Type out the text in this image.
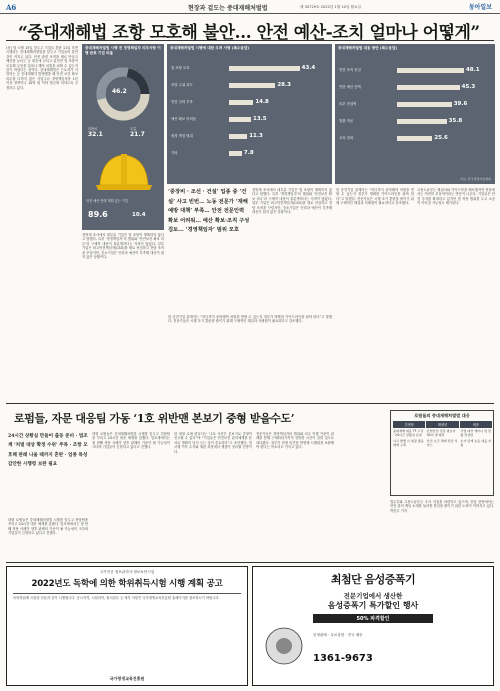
A6	현장과 겉도는 중대재해처벌법	제 30729호 2022년 1월 10일 월요일	동아일보
“중대재해법 조항 모호해 불안… 안전 예산-조치 얼마나 어떻게”
(상) 법 시행 15일 앞두고 기업들 혼란 11일 후면 시행되는 중대재해처벌법을 앞두고 기업들의 불안감이 커지고 있다. 안전 관련 조직을 새로 만들고 예산을 늘리는 등 대응에 나서고 있지만 법 조항이 모호해 무엇을 얼마나 해야 처벌을 피할 수 있는지 알기 어렵다는 것이다. 중대재해법은 근로자가 사망하는 등 중대재해가 발생했을 때 안전 보건 확보 의무를 다하지 않은 사업주나 경영책임자를 1년 이상 징역이나 10억 원 이하 벌금에 처하도록 규정하고 있다.
중대재해처벌법 시행 전 경영책임자 의무사항 이행 완료 기업 비율
46.2
미완료
32.1
모름
21.7
안전 예산 증액 계획 있는 기업
89.6	10.4
중대재해처벌법 시행에 대한 우려 사항 (복수응답)
법 조항 모호	43.4
처벌 수위 과도	28.3
안전 인력 부족	14.8
예산 확보 어려움	13.5
원청 책임 범위	11.3
기타	7.8
중대재해처벌법 대응 방안 (복수응답)
안전 조직 신설	48.1
안전 예산 증액	45.3
외부 컨설팅	39.6
법률 자문	35.8
교육 강화	25.6
자료: 한국경영자총협회
‘중장비 · 조선 · 건설’ 업종 중 ‘건설’ 사고 빈번... 노동 전문가 ‘재해 예방 대책’ 부족... 안전 전문인력 확보 어려워... 예산 확보·조직 구성 검토... ‘경영책임자’ 범위 모호
경영계 조사에서 대부분 기업은 법 조항이 명확하지 않다고 답했다. 특히 ‘경영책임자’의 범위와 ‘안전보건 확보 의무’의 구체적 내용이 불분명하다는 지적이 많았다. 일부 기업은 최고안전책임자(CSO)를 새로 선임하고 전담 조직을 꾸렸지만, 중소기업은 인력과 예산이 부족해 대응이 쉽지 않은 상황이다.
한 중견기업 관계자는 “어디까지 준비해야 처벌을 면할 수 있는지 정부가 명확한 가이드라인을 줘야 한다”고 말했다. 전문가들은 시행 초기 혼란을 줄이기 위해 구체적인 해설과 사례집이 필요하다고 강조했다.
고용노동부는 해설서와 가이드북을 배포했지만 현장에서는 여전히 추상적이라는 반응이 나온다. 기업들은 안전 투자를 확대하고 있지만 법 적용 범위를 두고 소송이 이어질 가능성도 제기된다.
경영계 조사에서 대부분 기업은 법 조항이 명확하지 않다고 답했다. 특히 ‘경영책임자’의 범위와 ‘안전보건 확보 의무’의 구체적 내용이 불분명하다는 지적이 많았다. 일부 기업은 최고안전책임자(CSO)를 새로 선임하고 전담 조직을 꾸렸지만, 중소기업은 인력과 예산이 부족해 대응이 쉽지 않은 상황이다.
한 중견기업 관계자는 “어디까지 준비해야 처벌을 면할 수 있는지 정부가 명확한 가이드라인을 줘야 한다”고 말했다. 전문가들은 시행 초기 혼란을 줄이기 위해 구체적인 해설과 사례집이 필요하다고 강조했다.
로펌들, 자문 대응팀 가동 ‘1호 위반맨 본보기 중형 받을수도’
24시간 상황실 만들어 출동 준비 · 법조계 ‘처벌 대상 확정 수위’ 주목 · 조항 모호해 판례 나올 때까지 혼란 · 업종 특성 감안한 시행령 보완 필요
대형 로펌들은 중대재해처벌법 시행을 앞두고 전담팀을 꾸리고 24시간 대응 체계를 갖췄다. 법조계에서는 첫 번째 적용 사례가 향후 판례의 기준이 될 가능성이 크다며 기업들이 긴장하고 있다고 전했다.
대형 로펌들은 중대재해처벌법 시행을 앞두고 전담팀을 꾸리고 24시간 대응 체계를 갖췄다. 법조계에서는 첫 번째 적용 사례가 향후 판례의 기준이 될 가능성이 크다며 기업들이 긴장하고 있다고 전했다.
한 대형 로펌 변호사는 “1호 사건은 본보기로 중형이 선고될 수 있다”며 “기업들은 안전보건 관리체계를 문서로 명확히 남겨 두는 것이 중요하다”고 조언했다. 법 시행 이후 수사와 재판 과정에서 쟁점이 정리될 전망이다.
전문가들은 경영책임자의 범위와 의무 이행 기준이 판례를 통해 구체화되기까지 상당한 시간이 걸릴 것으로 내다봤다. 정부가 현장 의견을 반영해 시행령을 보완해야 한다는 목소리도 커지고 있다.
법무부와 고용노동부는 수사 지침을 마련하고 있으며, 산업 현장에서는 안전 관리 책임 소재를 둘러싼 혼선을 줄이기 위한 노력이 이어지고 있다. 박진우 기자
로펌들의 중대재해처벌법 대응
김앤장	태평양	세종
중대재해 대응 TF 구성 · 24시간 상황실 운영
산업안전 전문 변호사 30여 명 배치
기업 대상 세미나 및 맞춤 컨설팅
사고 발생 시 현장 출동 체계 구축
안전 보건 체계 진단 서비스
수사 단계 초동 대응 지원
국가인증 정보관리사·정보보안시험
2022년도 독학에 의한 학위취득시험 시행 계획 공고
독학학위제 시험을 다음과 같이 시행합니다. 응시자격, 시험과목, 원서접수 등 세부 사항은 국가평생교육진흥원 홈페이지를 참조하시기 바랍니다.
국가평생교육진흥원
최첨단 음성증폭기
전문기업에서 생산한
음성증폭기 특가할인 행사
50% 파격할인
한정판매 · 무료상담 · 전국 배송
1361-9673
